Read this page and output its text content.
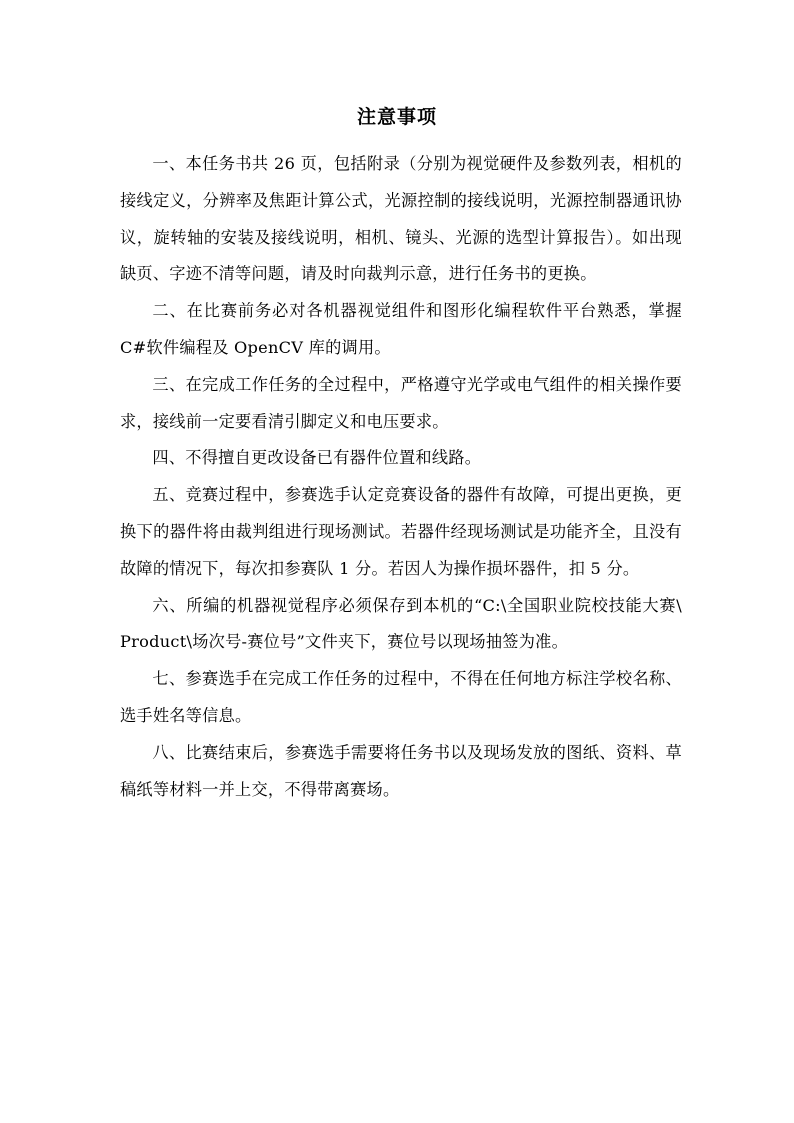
注意事项

一、本任务书共 26 页，包括附录（分别为视觉硬件及参数列表，相机的接线定义，分辨率及焦距计算公式，光源控制的接线说明，光源控制器通讯协议，旋转轴的安装及接线说明，相机、镜头、光源的选型计算报告）。如出现缺页、字迹不清等问题，请及时向裁判示意，进行任务书的更换。

二、在比赛前务必对各机器视觉组件和图形化编程软件平台熟悉，掌握 C#软件编程及 OpenCV 库的调用。

三、在完成工作任务的全过程中，严格遵守光学或电气组件的相关操作要求，接线前一定要看清引脚定义和电压要求。

四、不得擅自更改设备已有器件位置和线路。

五、竞赛过程中，参赛选手认定竞赛设备的器件有故障，可提出更换，更换下的器件将由裁判组进行现场测试。若器件经现场测试是功能齐全，且没有故障的情况下，每次扣参赛队 1 分。若因人为操作损坏器件，扣 5 分。

六、所编的机器视觉程序必须保存到本机的“C:\全国职业院校技能大赛\ Product\场次号-赛位号”文件夹下，赛位号以现场抽签为准。

七、参赛选手在完成工作任务的过程中，不得在任何地方标注学校名称、选手姓名等信息。

八、比赛结束后，参赛选手需要将任务书以及现场发放的图纸、资料、草稿纸等材料一并上交，不得带离赛场。
